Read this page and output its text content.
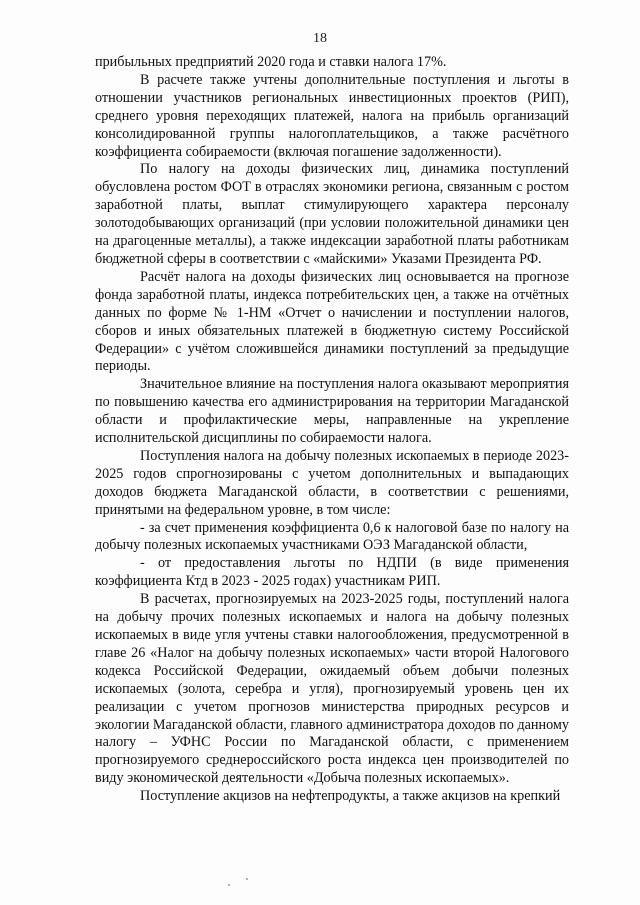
18

прибыльных предприятий 2020 года и ставки налога 17%.

В расчете также учтены дополнительные поступления и льготы в отношении участников региональных инвестиционных проектов (РИП), среднего уровня переходящих платежей, налога на прибыль организаций консолидированной группы налогоплательщиков, а также расчётного коэффициента собираемости (включая погашение задолженности).

По налогу на доходы физических лиц, динамика поступлений обусловлена ростом ФОТ в отраслях экономики региона, связанным с ростом заработной платы, выплат стимулирующего характера персоналу золотодобывающих организаций (при условии положительной динамики цен на драгоценные металлы), а также индексации заработной платы работникам бюджетной сферы в соответствии с «майскими» Указами Президента РФ.

Расчёт налога на доходы физических лиц основывается на прогнозе фонда заработной платы, индекса потребительских цен, а также на отчётных данных по форме № 1-НМ «Отчет о начислении и поступлении налогов, сборов и иных обязательных платежей в бюджетную систему Российской Федерации» с учётом сложившейся динамики поступлений за предыдущие периоды.

Значительное влияние на поступления налога оказывают мероприятия по повышению качества его администрирования на территории Магаданской области и профилактические меры, направленные на укрепление исполнительской дисциплины по собираемости налога.

Поступления налога на добычу полезных ископаемых в периоде 2023-2025 годов спрогнозированы с учетом дополнительных и выпадающих доходов бюджета Магаданской области, в соответствии с решениями, принятыми на федеральном уровне, в том числе:

- за счет применения коэффициента 0,6 к налоговой базе по налогу на добычу полезных ископаемых участниками ОЭЗ Магаданской области,

- от предоставления льготы по НДПИ (в виде применения коэффициента Ктд в 2023 - 2025 годах) участникам РИП.

В расчетах, прогнозируемых на 2023-2025 годы, поступлений налога на добычу прочих полезных ископаемых и налога на добычу полезных ископаемых в виде угля учтены ставки налогообложения, предусмотренной в главе 26 «Налог на добычу полезных ископаемых» части второй Налогового кодекса Российской Федерации, ожидаемый объем добычи полезных ископаемых (золота, серебра и угля), прогнозируемый уровень цен их реализации с учетом прогнозов министерства природных ресурсов и экологии Магаданской области, главного администратора доходов по данному налогу – УФНС России по Магаданской области, с применением прогнозируемого среднероссийского роста индекса цен производителей по виду экономической деятельности «Добыча полезных ископаемых».

Поступление акцизов на нефтепродукты, а также акцизов на крепкий
